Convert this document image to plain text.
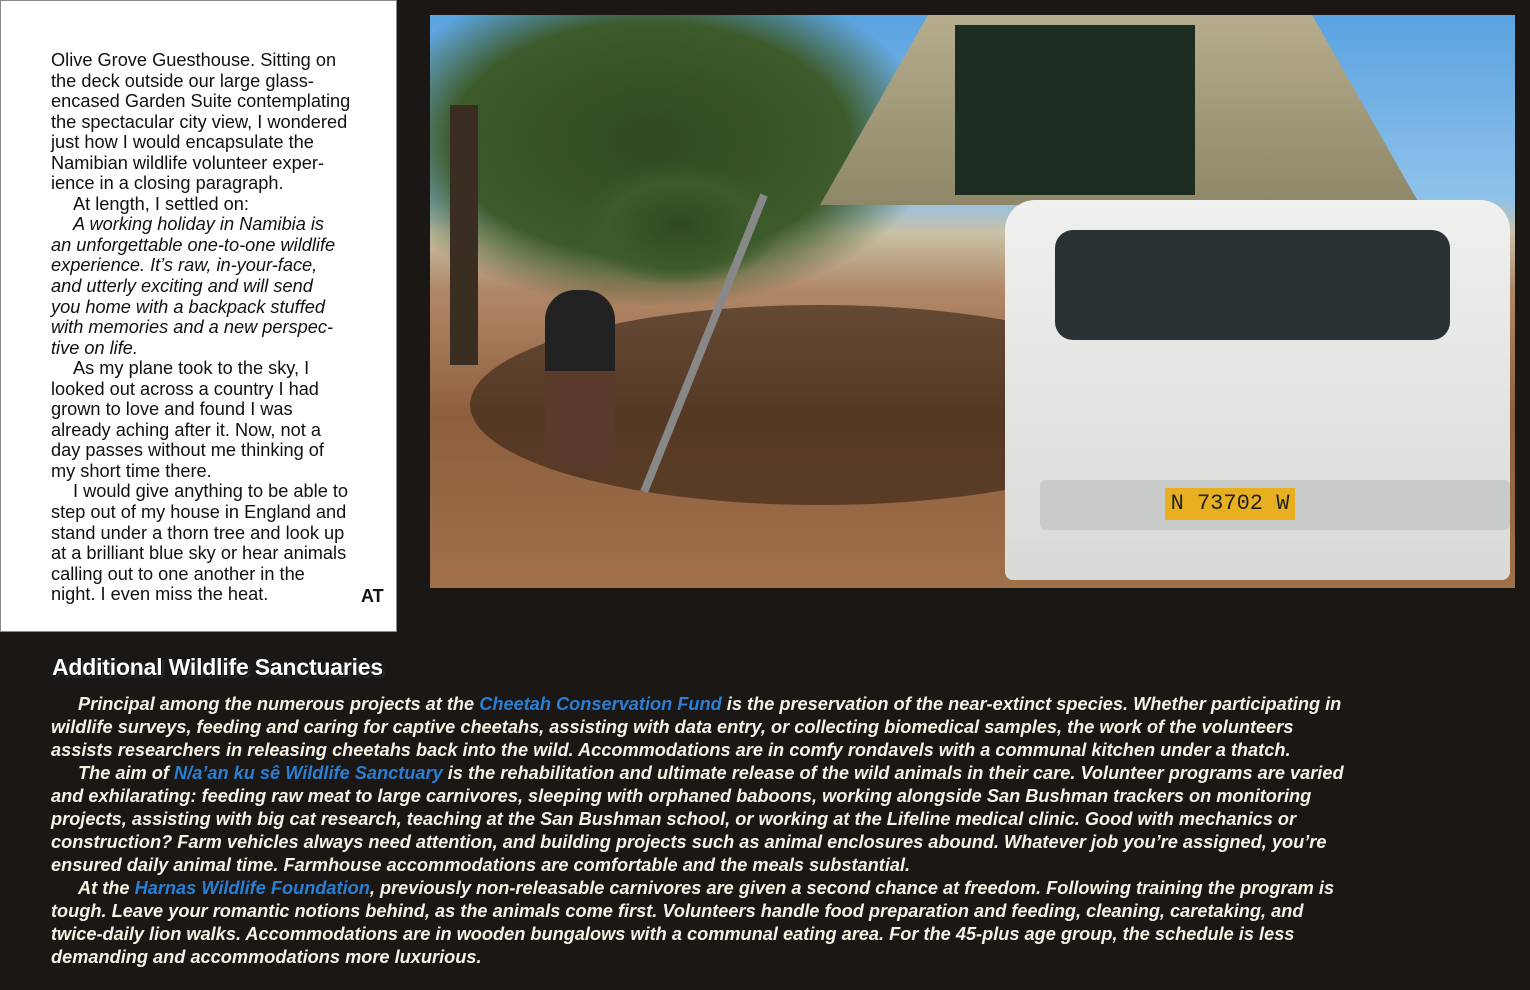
Olive Grove Guesthouse. Sitting on
the deck outside our large glass-
encased Garden Suite contemplating
the spectacular city view, I wondered
just how I would encapsulate the
Namibian wildlife volunteer exper-
ience in a closing paragraph.
At length, I settled on:
A working holiday in Namibia is
an unforgettable one-to-one wildlife
experience. It’s raw, in-your-face,
and utterly exciting and will send
you home with a backpack stuffed
with memories and a new perspec-
tive on life.
As my plane took to the sky, I
looked out across a country I had
grown to love and found I was
already aching after it. Now, not a
day passes without me thinking of
my short time there.
I would give anything to be able to
step out of my house in England and
stand under a thorn tree and look up
at a brilliant blue sky or hear animals
calling out to one another in the
night. I even miss the heat.	AT
N 73702 W
Additional Wildlife Sanctuaries
Principal among the numerous projects at the Cheetah Conservation Fund is the preservation of the near-extinct species. Whether participating in
wildlife surveys, feeding and caring for captive cheetahs, assisting with data entry, or collecting biomedical samples, the work of the volunteers
assists researchers in releasing cheetahs back into the wild. Accommodations are in comfy rondavels with a communal kitchen under a thatch.
The aim of N/a’an ku sê Wildlife Sanctuary is the rehabilitation and ultimate release of the wild animals in their care. Volunteer programs are varied
and exhilarating: feeding raw meat to large carnivores, sleeping with orphaned baboons, working alongside San Bushman trackers on monitoring
projects, assisting with big cat research, teaching at the San Bushman school, or working at the Lifeline medical clinic. Good with mechanics or
construction? Farm vehicles always need attention, and building projects such as animal enclosures abound. Whatever job you’re assigned, you’re
ensured daily animal time. Farmhouse accommodations are comfortable and the meals substantial.
At the Harnas Wildlife Foundation, previously non-releasable carnivores are given a second chance at freedom. Following training the program is
tough. Leave your romantic notions behind, as the animals come first. Volunteers handle food preparation and feeding, cleaning, caretaking, and
twice-daily lion walks. Accommodations are in wooden bungalows with a communal eating area. For the 45-plus age group, the schedule is less
demanding and accommodations more luxurious.
